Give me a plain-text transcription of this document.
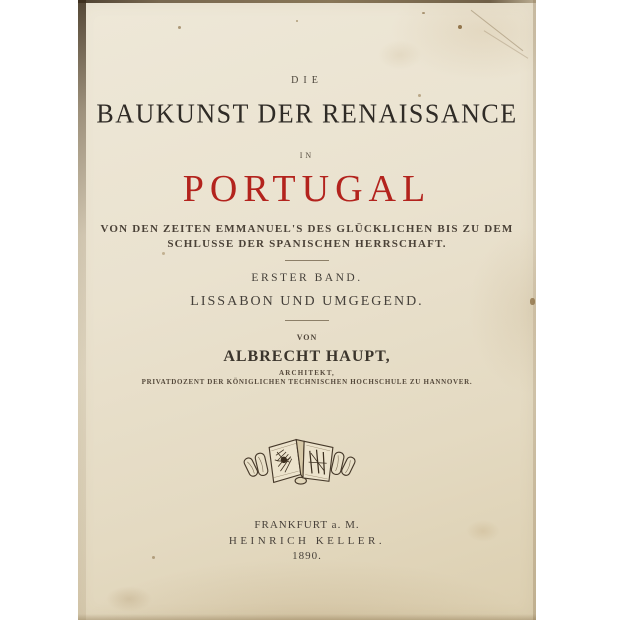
DIE
BAUKUNST DER RENAISSANCE
IN
PORTUGAL
VON DEN ZEITEN EMMANUEL'S DES GLÜCKLICHEN BIS ZU DEM
SCHLUSSE DER SPANISCHEN HERRSCHAFT.
ERSTER BAND.
LISSABON UND UMGEGEND.
VON
ALBRECHT HAUPT,
ARCHITEKT,
PRIVATDOZENT DER KÖNIGLICHEN TECHNISCHEN HOCHSCHULE ZU HANNOVER.
FRANKFURT a. M.
HEINRICH KELLER.
1890.
